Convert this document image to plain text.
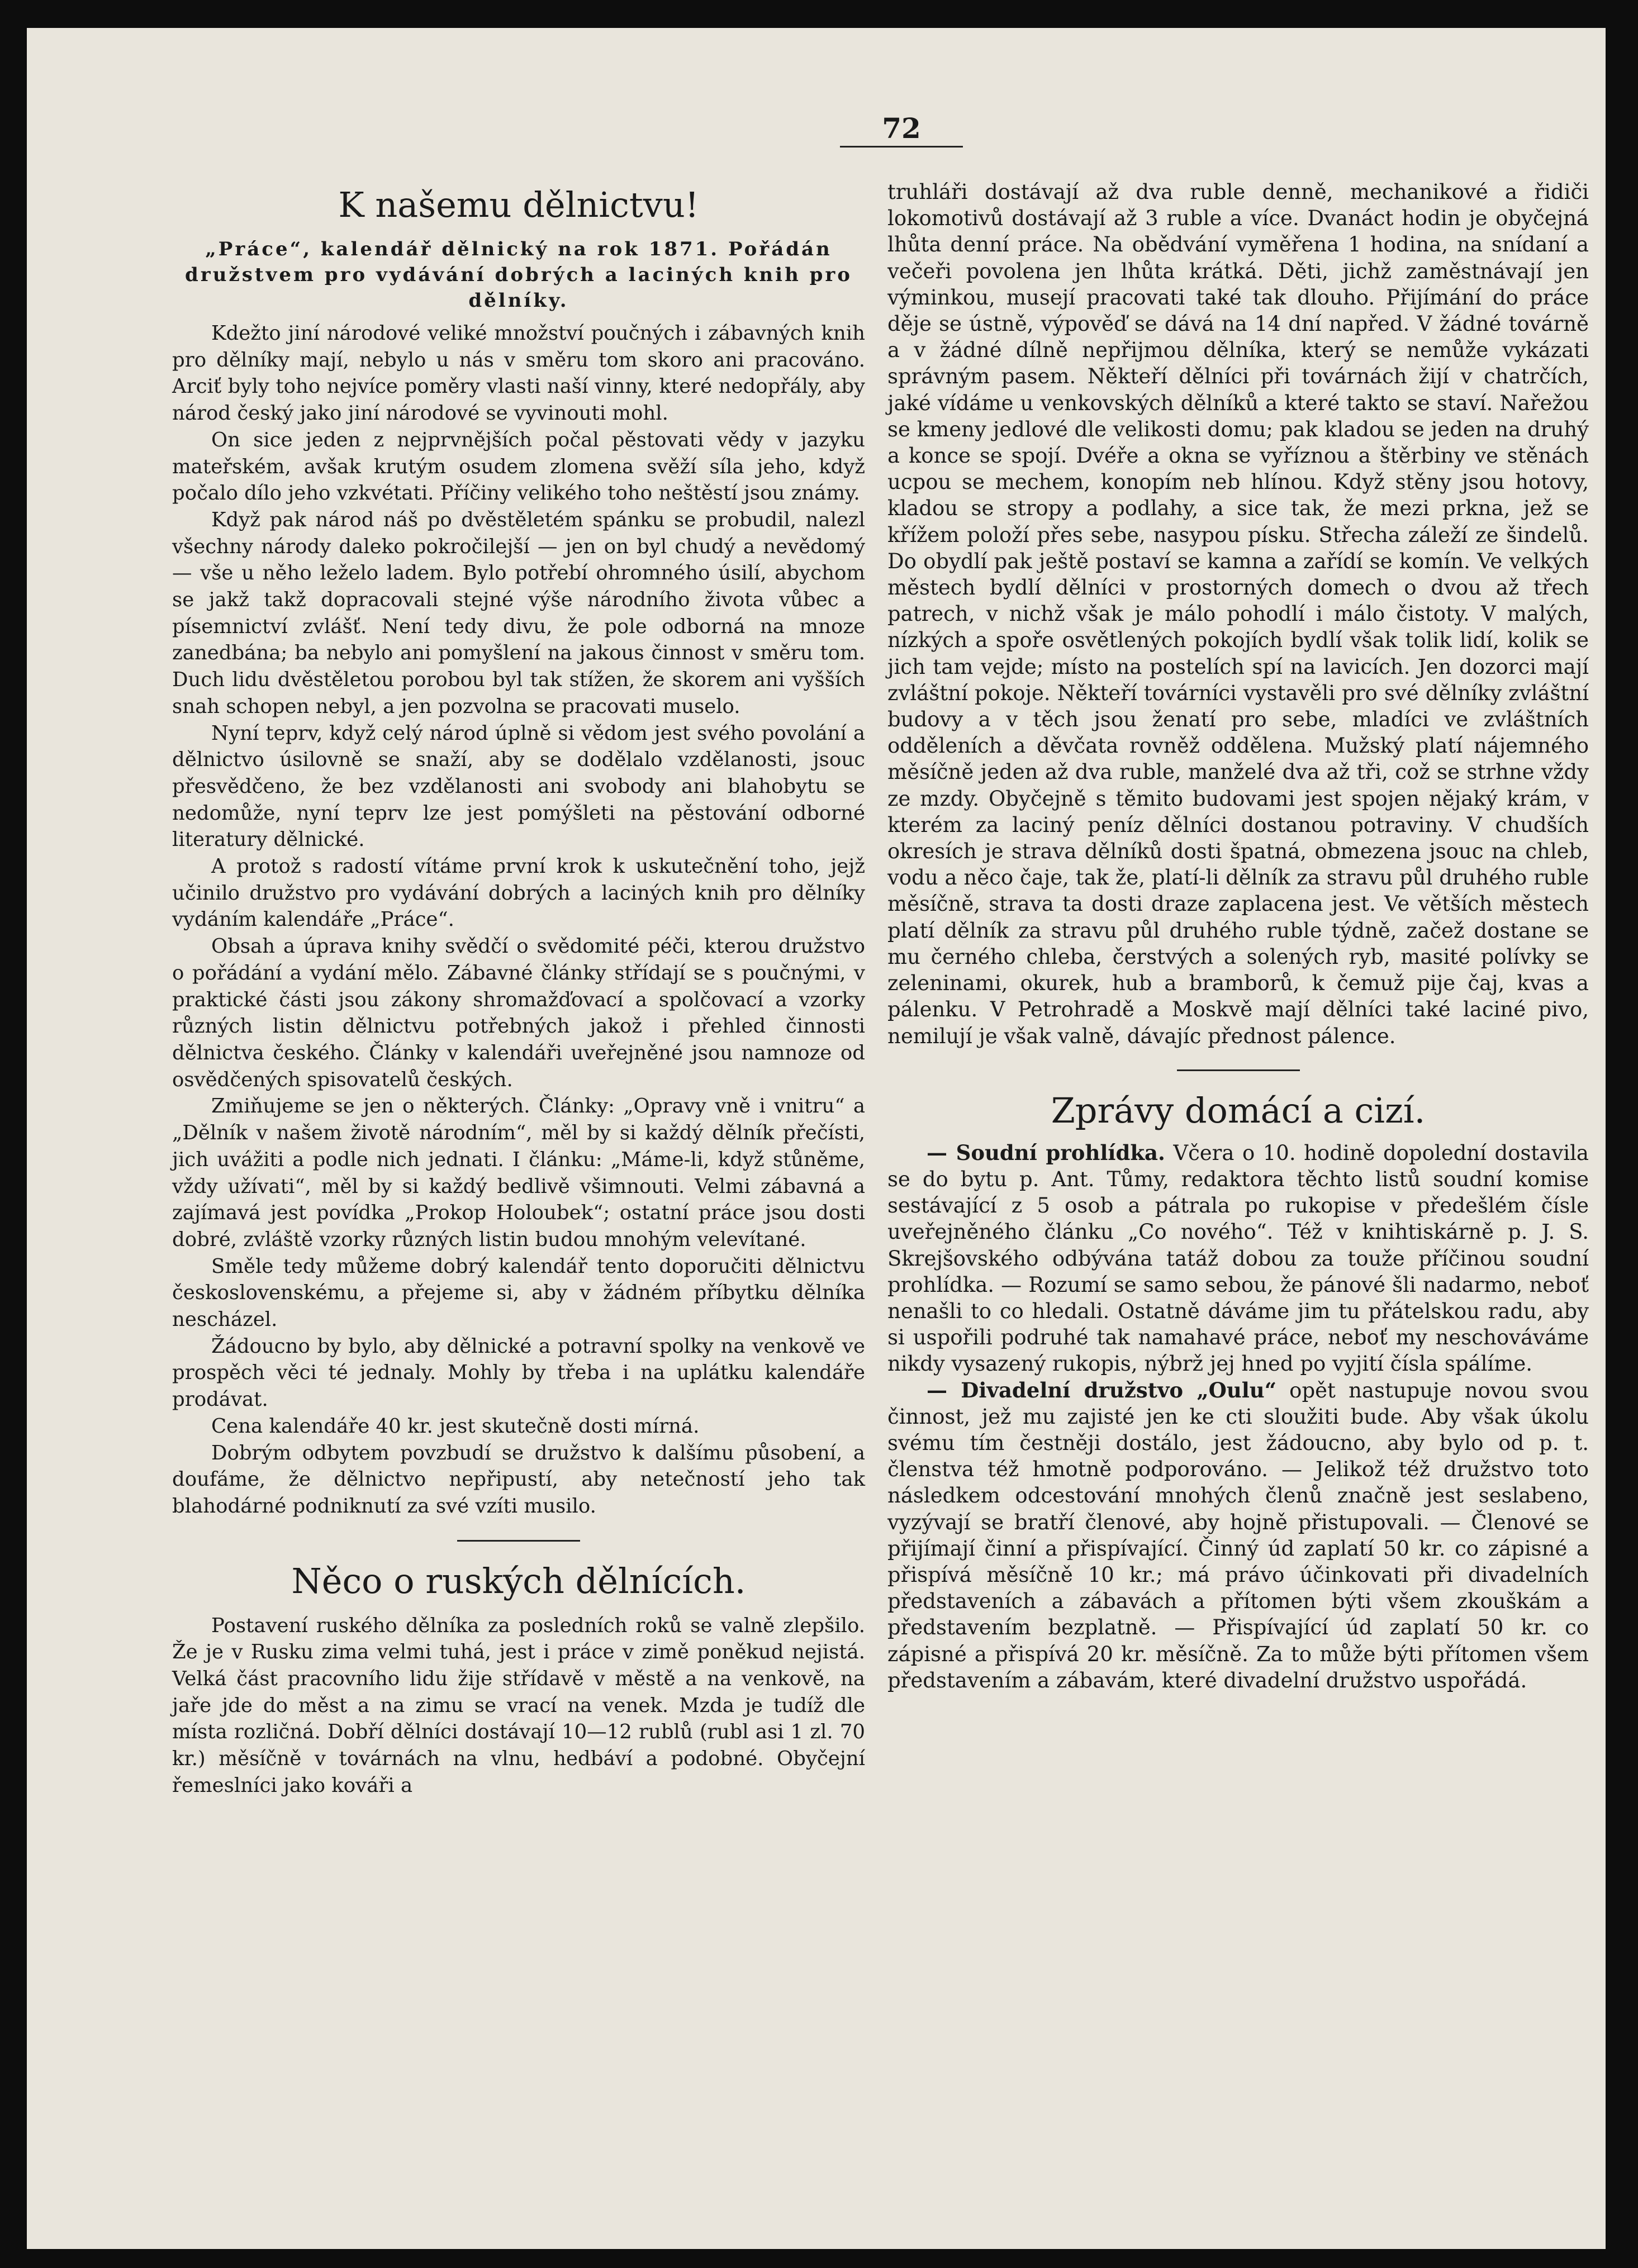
72
K našemu dělnictvu!
„Práce“, kalendář dělnický na rok 1871. Pořádán družstvem pro vydávání dobrých a laciných knih pro dělníky.

Kdežto jiní národové veliké množství poučných i zábavných knih pro dělníky mají, nebylo u nás v směru tom skoro ani pracováno. Arciť byly toho nejvíce poměry vlasti naší vinny, které nedopřály, aby národ český jako jiní národové se vyvinouti mohl.

On sice jeden z nejprvnějších počal pěstovati vědy v jazyku mateřském, avšak krutým osudem zlomena svěží síla jeho, když počalo dílo jeho vzkvétati. Příčiny velikého toho neštěstí jsou známy.

Když pak národ náš po dvěstěletém spánku se probudil, nalezl všechny národy daleko pokročilejší — jen on byl chudý a nevědomý — vše u něho leželo ladem. Bylo potřebí ohromného úsilí, abychom se jakž takž dopracovali stejné výše národního života vůbec a písemnictví zvlášť. Není tedy divu, že pole odborná na mnoze zanedbána; ba nebylo ani pomyšlení na jakous činnost v směru tom. Duch lidu dvěstěletou porobou byl tak stížen, že skorem ani vyšších snah schopen nebyl, a jen pozvolna se pracovati muselo.

Nyní teprv, když celý národ úplně si vědom jest svého povolání a dělnictvo úsilovně se snaží, aby se dodělalo vzdělanosti, jsouc přesvědčeno, že bez vzdělanosti ani svobody ani blahobytu se nedomůže, nyní teprv lze jest pomýšleti na pěstování odborné literatury dělnické.

A protož s radostí vítáme první krok k uskutečnění toho, jejž učinilo družstvo pro vydávání dobrých a laciných knih pro dělníky vydáním kalendáře „Práce“.

Obsah a úprava knihy svědčí o svědomité péči, kterou družstvo o pořádání a vydání mělo. Zábavné články střídají se s poučnými, v praktické části jsou zákony shromažďovací a spolčovací a vzorky různých listin dělnictvu potřebných jakož i přehled činnosti dělnictva českého. Články v kalendáři uveřejněné jsou namnoze od osvědčených spisovatelů českých.

Zmiňujeme se jen o některých. Články: „Opravy vně i vnitru“ a „Dělník v našem životě národním“, měl by si každý dělník přečísti, jich uvážiti a podle nich jednati. I článku: „Máme-li, když stůněme, vždy užívati“, měl by si každý bedlivě všimnouti. Velmi zábavná a zajímavá jest povídka „Prokop Holoubek“; ostatní práce jsou dosti dobré, zvláště vzorky různých listin budou mnohým velevítané.

Směle tedy můžeme dobrý kalendář tento doporučiti dělnictvu československému, a přejeme si, aby v žádném příbytku dělníka nescházel.

Žádoucno by bylo, aby dělnické a potravní spolky na venkově ve prospěch věci té jednaly. Mohly by třeba i na uplátku kalendáře prodávat.

Cena kalendáře 40 kr. jest skutečně dosti mírná.

Dobrým odbytem povzbudí se družstvo k dalšímu působení, a doufáme, že dělnictvo nepřipustí, aby netečností jeho tak blahodárné podniknutí za své vzíti musilo.

Něco o ruských dělnících.

Postavení ruského dělníka za posledních roků se valně zlepšilo. Že je v Rusku zima velmi tuhá, jest i práce v zimě poněkud nejistá. Velká část pracovního lidu žije střídavě v městě a na venkově, na jaře jde do měst a na zimu se vrací na venek. Mzda je tudíž dle místa rozličná. Dobří dělníci dostávají 10—12 rublů (rubl asi 1 zl. 70 kr.) měsíčně v továrnách na vlnu, hedbáví a podobné. Obyčejní řemeslníci jako kováři a

truhláři dostávají až dva ruble denně, mechanikové a řidiči lokomotivů dostávají až 3 ruble a více. Dvanáct hodin je obyčejná lhůta denní práce. Na obědvání vyměřena 1 hodina, na snídaní a večeři povolena jen lhůta krátká. Děti, jichž zaměstnávají jen výminkou, musejí pracovati také tak dlouho. Přijímání do práce děje se ústně, výpověď se dává na 14 dní napřed. V žádné továrně a v žádné dílně nepřijmou dělníka, který se nemůže vykázati správným pasem. Někteří dělníci při továrnách žijí v chatrčích, jaké vídáme u venkovských dělníků a které takto se staví. Nařežou se kmeny jedlové dle velikosti domu; pak kladou se jeden na druhý a konce se spojí. Dvéře a okna se vyříznou a štěrbiny ve stěnách ucpou se mechem, konopím neb hlínou. Když stěny jsou hotovy, kladou se stropy a podlahy, a sice tak, že mezi prkna, jež se křížem položí přes sebe, nasypou písku. Střecha záleží ze šindelů. Do obydlí pak ještě postaví se kamna a zařídí se komín. Ve velkých městech bydlí dělníci v prostorných domech o dvou až třech patrech, v nichž však je málo pohodlí i málo čistoty. V malých, nízkých a spoře osvětlených pokojích bydlí však tolik lidí, kolik se jich tam vejde; místo na postelích spí na lavicích. Jen dozorci mají zvláštní pokoje. Někteří továrníci vystavěli pro své dělníky zvláštní budovy a v těch jsou ženatí pro sebe, mladíci ve zvláštních odděleních a děvčata rovněž oddělena. Mužský platí nájemného měsíčně jeden až dva ruble, manželé dva až tři, což se strhne vždy ze mzdy. Obyčejně s těmito budovami jest spojen nějaký krám, v kterém za laciný peníz dělníci dostanou potraviny. V chudších okresích je strava dělníků dosti špatná, obmezena jsouc na chleb, vodu a něco čaje, tak že, platí-li dělník za stravu půl druhého ruble měsíčně, strava ta dosti draze zaplacena jest. Ve větších městech platí dělník za stravu půl druhého ruble týdně, začež dostane se mu černého chleba, čerstvých a solených ryb, masité polívky se zeleninami, okurek, hub a bramborů, k čemuž pije čaj, kvas a pálenku. V Petrohradě a Moskvě mají dělníci také laciné pivo, nemilují je však valně, dávajíc přednost pálence.

Zprávy domácí a cizí.

— Soudní prohlídka. Včera o 10. hodině dopolední dostavila se do bytu p. Ant. Tůmy, redaktora těchto listů soudní komise sestávající z 5 osob a pátrala po rukopise v předešlém čísle uveřejněného článku „Co nového“. Též v knihtiskárně p. J. S. Skrejšovského odbývána tatáž dobou za touže příčinou soudní prohlídka. — Rozumí se samo sebou, že pánové šli nadarmo, neboť nenašli to co hledali. Ostatně dáváme jim tu přátelskou radu, aby si uspořili podruhé tak namahavé práce, neboť my neschováváme nikdy vysazený rukopis, nýbrž jej hned po vyjití čísla spálíme.

— Divadelní družstvo „Oulu“ opět nastupuje novou svou činnost, jež mu zajisté jen ke cti sloužiti bude. Aby však úkolu svému tím čestněji dostálo, jest žádoucno, aby bylo od p. t. členstva též hmotně podporováno. — Jelikož též družstvo toto následkem odcestování mnohých členů značně jest seslabeno, vyzývají se bratří členové, aby hojně přistupovali. — Členové se přijímají činní a přispívající. Činný úd zaplatí 50 kr. co zápisné a přispívá měsíčně 10 kr.; má právo účinkovati při divadelních představeních a zábavách a přítomen býti všem zkouškám a představením bezplatně. — Přispívající úd zaplatí 50 kr. co zápisné a přispívá 20 kr. měsíčně. Za to může býti přítomen všem představením a zábavám, které divadelní družstvo uspořádá.
